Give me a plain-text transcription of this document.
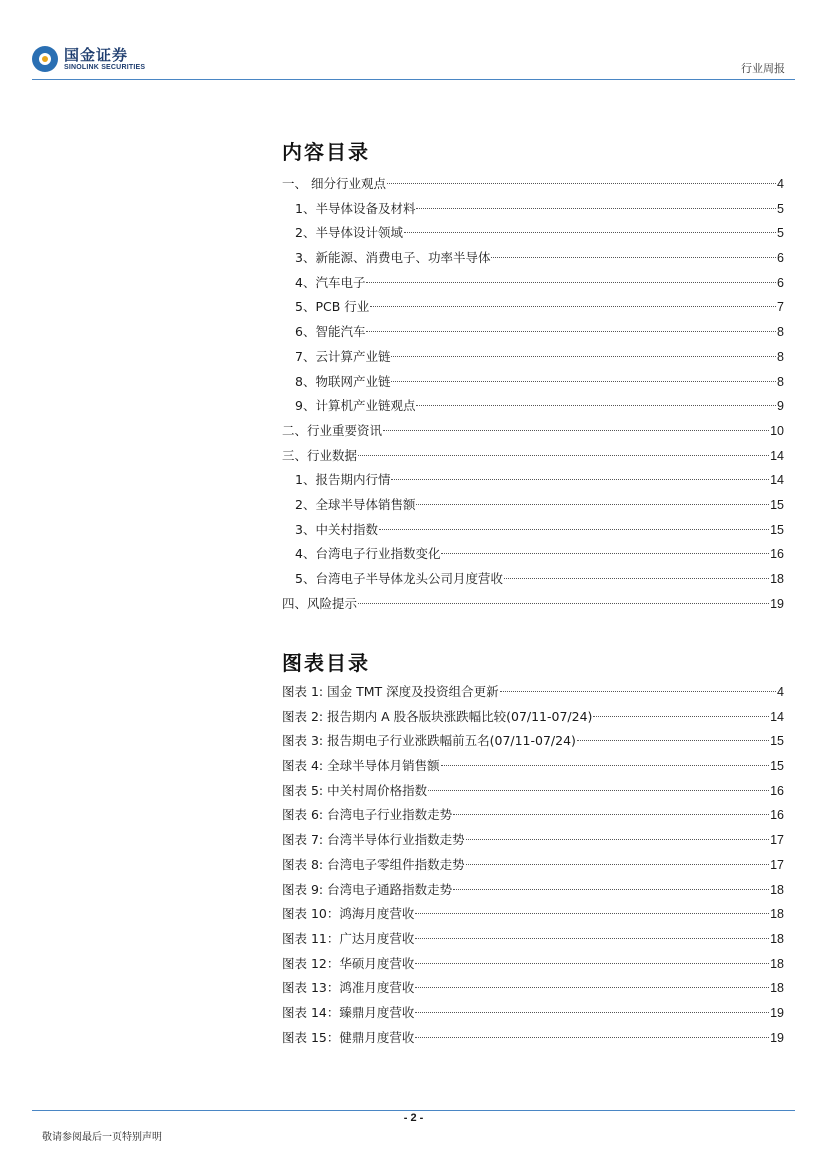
国金证券
SINOLINK SECURITIES	行业周报
内容目录
一、 细分行业观点	4
1、半导体设备及材料	5
2、半导体设计领域	5
3、新能源、消费电子、功率半导体	6
4、汽车电子	6
5、PCB 行业	7
6、智能汽车	8
7、云计算产业链	8
8、物联网产业链	8
9、计算机产业链观点	9
二、行业重要资讯	10
三、行业数据	14
1、报告期内行情	14
2、全球半导体销售额	15
3、中关村指数	15
4、台湾电子行业指数变化	16
5、台湾电子半导体龙头公司月度营收	18
四、风险提示	19
图表目录
图表 1: 国金 TMT 深度及投资组合更新	4
图表 2: 报告期内 A 股各版块涨跌幅比较(07/11-07/24)	14
图表 3: 报告期电子行业涨跌幅前五名(07/11-07/24)	15
图表 4: 全球半导体月销售额	15
图表 5: 中关村周价格指数	16
图表 6: 台湾电子行业指数走势	16
图表 7: 台湾半导体行业指数走势	17
图表 8: 台湾电子零组件指数走势	17
图表 9: 台湾电子通路指数走势	18
图表 10：鸿海月度营收	18
图表 11：广达月度营收	18
图表 12：华硕月度营收	18
图表 13：鸿准月度营收	18
图表 14：臻鼎月度营收	19
图表 15：健鼎月度营收	19
- 2 -
敬请参阅最后一页特别声明
